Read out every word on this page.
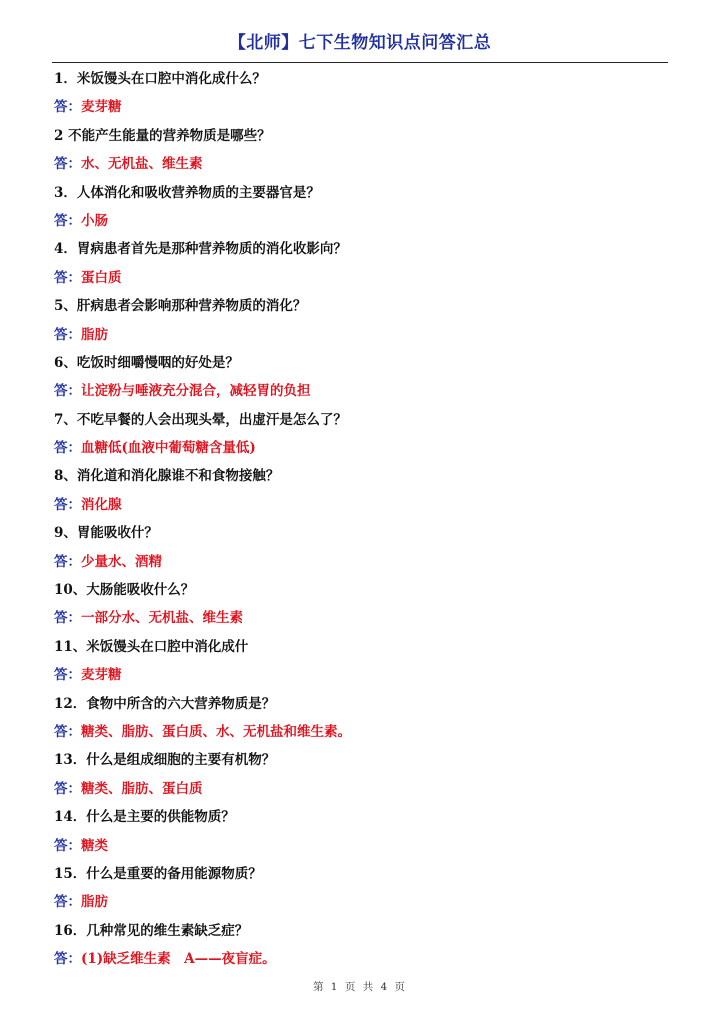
【北师】七下生物知识点问答汇总
1．米饭馒头在口腔中消化成什么？
答：麦芽糖
2 不能产生能量的营养物质是哪些？
答：水、无机盐、维生素
3．人体消化和吸收营养物质的主要器官是？
答：小肠
4．胃病患者首先是那种营养物质的消化收影向？
答：蛋白质
5、肝病患者会影响那种营养物质的消化？
答：脂肪
6、吃饭时细嚼慢咽的好处是？
答：让淀粉与唾液充分混合，减轻胃的负担
7、不吃早餐的人会出现头晕，出虚汗是怎么了？
答：血糖低(血液中葡萄糖含量低)
8、消化道和消化腺谁不和食物接触？
答：消化腺
9、胃能吸收什？
答：少量水、酒精
10、大肠能吸收什么？
答：一部分水、无机盐、维生素
11、米饭馒头在口腔中消化成什
答：麦芽糖
12．食物中所含的六大营养物质是？
答：糖类、脂肪、蛋白质、水、无机盐和维生素。
13．什么是组成细胞的主要有机物？
答：糖类、脂肪、蛋白质
14．什么是主要的供能物质？
答：糖类
15．什么是重要的备用能源物质？
答：脂肪
16．几种常见的维生素缺乏症？
答：(1)缺乏维生素　A——夜盲症。
第 1 页 共 4 页
